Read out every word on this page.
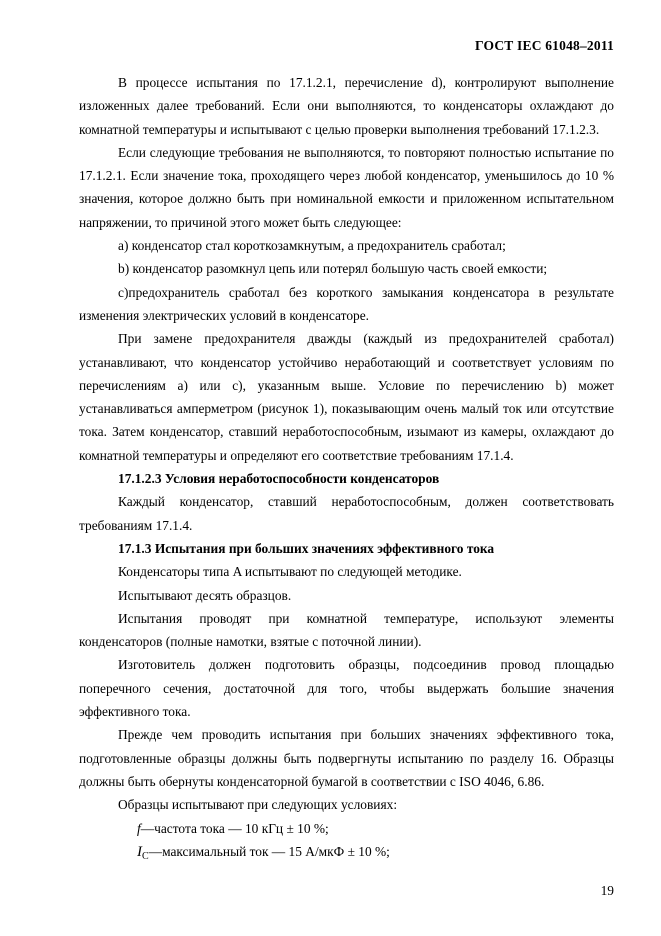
ГОСТ IEC 61048–2011

В процессе испытания по 17.1.2.1, перечисление d), контролируют выполнение изложенных далее требований. Если они выполняются, то конденсаторы охлаждают до комнатной температуры и испытывают с целью проверки выполнения требований 17.1.2.3.

Если следующие требования не выполняются, то повторяют полностью испытание по 17.1.2.1. Если значение тока, проходящего через любой конденсатор, уменьшилось до 10 % значения, которое должно быть при номинальной емкости и приложенном испытательном напряжении, то причиной этого может быть следующее:

a) конденсатор стал короткозамкнутым, а предохранитель сработал;

b) конденсатор разомкнул цепь или потерял большую часть своей емкости;

c)предохранитель сработал без короткого замыкания конденсатора в результате изменения электрических условий в конденсаторе.

При замене предохранителя дважды (каждый из предохранителей сработал) устанавливают, что конденсатор устойчиво неработающий и соответствует условиям по перечислениям a) или c), указанным выше. Условие по перечислению b) может устанавливаться амперметром (рисунок 1), показывающим очень малый ток или отсутствие тока. Затем конденсатор, ставший неработоспособным, изымают из камеры, охлаждают до комнатной температуры и определяют его соответствие требованиям 17.1.4.

17.1.2.3 Условия неработоспособности конденсаторов

Каждый конденсатор, ставший неработоспособным, должен соответствовать требованиям 17.1.4.

17.1.3 Испытания при больших значениях эффективного тока

Конденсаторы типа A испытывают по следующей методике.

Испытывают десять образцов.

Испытания проводят при комнатной температуре, используют элементы конденсаторов (полные намотки, взятые с поточной линии).

Изготовитель должен подготовить образцы, подсоединив провод площадью поперечного сечения, достаточной для того, чтобы выдержать большие значения эффективного тока.

Прежде чем проводить испытания при больших значениях эффективного тока, подготовленные образцы должны быть подвергнуты испытанию по разделу 16. Образцы должны быть обернуты конденсаторной бумагой в соответствии с ISO 4046, 6.86.

Образцы испытывают при следующих условиях:

f—частота тока — 10 кГц ± 10 %;

$I_C—максимальный$ ток — 15 А/мкФ ± 10 %;

19
